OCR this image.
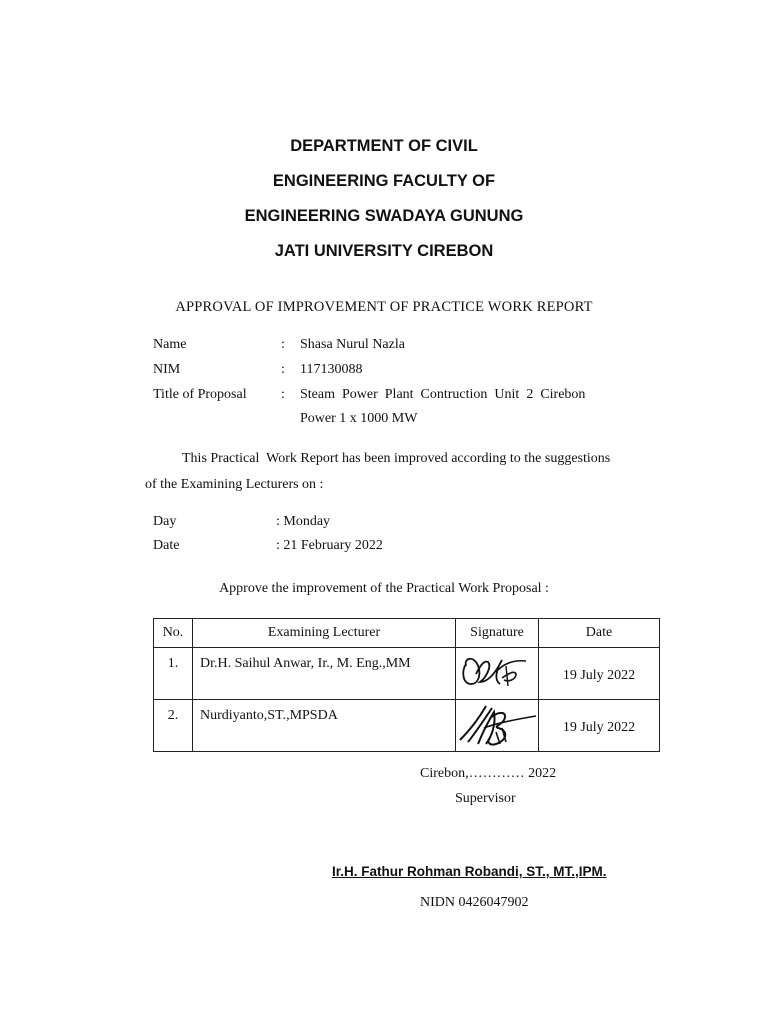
DEPARTMENT OF CIVIL
ENGINEERING FACULTY OF
ENGINEERING SWADAYA GUNUNG
JATI UNIVERSITY CIREBON
APPROVAL OF IMPROVEMENT OF PRACTICE WORK REPORT
Name	: Shasa Nurul Nazla
NIM	: 117130088
Title of Proposal : Steam  Power  Plant  Contruction  Unit  2  Cirebon
Power 1 x 1000 MW
This Practical  Work Report has been improved according to the suggestions
of the Examining Lecturers on :
Day	: Monday
Date	: 21 February 2022
Approve the improvement of the Practical Work Proposal :
No.	Examining Lecturer	Signature	Date
1.	Dr.H. Saihul Anwar, Ir., M. Eng.,MM		19 July 2022
2.	Nurdiyanto,ST.,MPSDA		19 July 2022
Cirebon,………… 2022
Supervisor
Ir.H. Fathur Rohman Robandi, ST., MT.,IPM.
NIDN 0426047902
